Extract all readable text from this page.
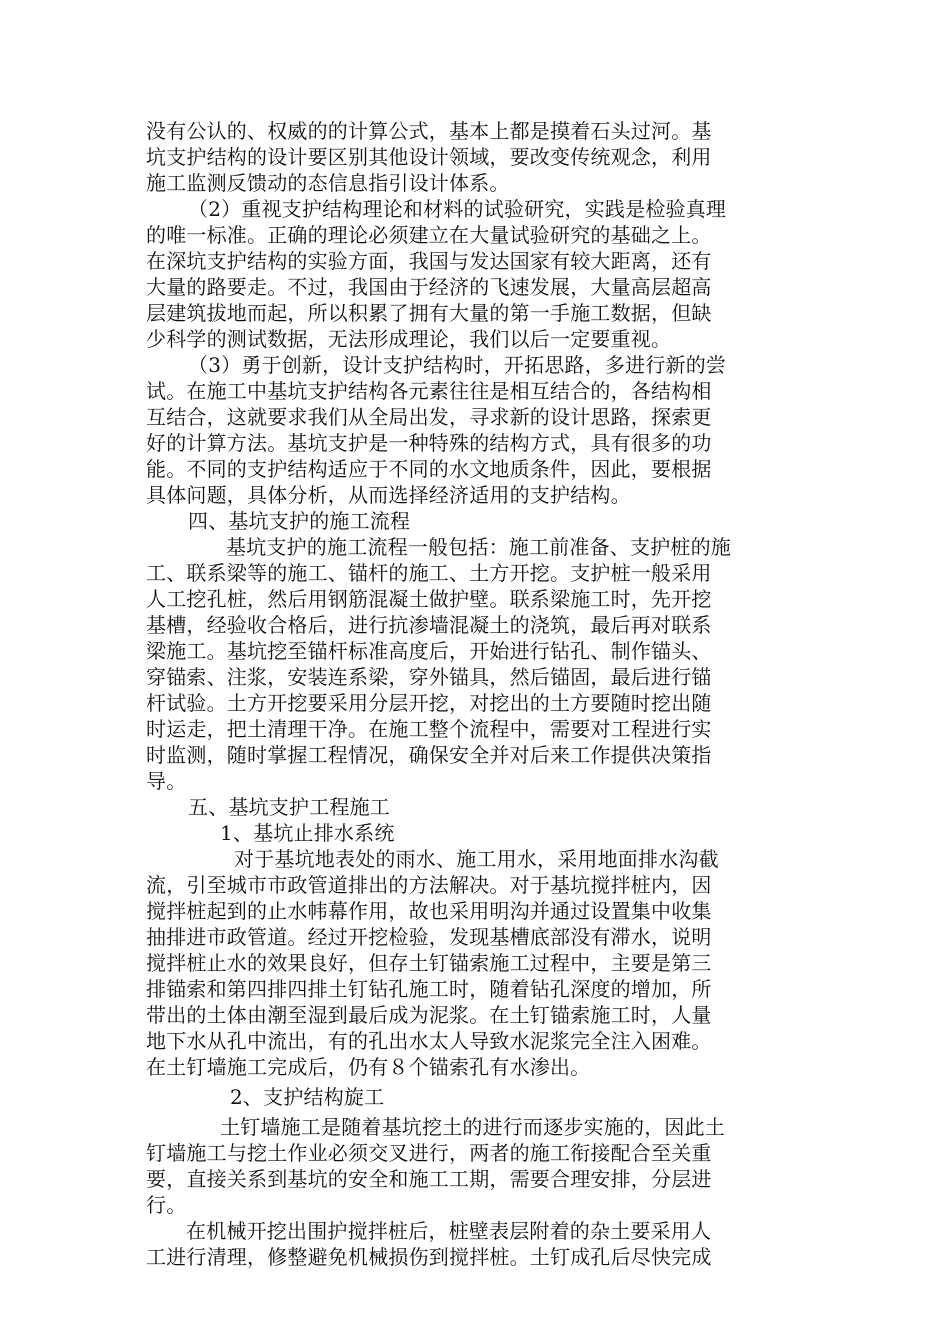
没有公认的、权威的的计算公式，基本上都是摸着石头过河。基
坑支护结构的设计要区别其他设计领域，要改变传统观念，利用
施工监测反馈动的态信息指引设计体系。
（2）重视支护结构理论和材料的试验研究，实践是检验真理
的唯一标准。正确的理论必须建立在大量试验研究的基础之上。
在深坑支护结构的实验方面，我国与发达国家有较大距离，还有
大量的路要走。不过，我国由于经济的飞速发展，大量高层超高
层建筑拔地而起，所以积累了拥有大量的第一手施工数据，但缺
少科学的测试数据，无法形成理论，我们以后一定要重视。
（3）勇于创新，设计支护结构时，开拓思路，多进行新的尝
试。在施工中基坑支护结构各元素往往是相互结合的，各结构相
互结合，这就要求我们从全局出发，寻求新的设计思路，探索更
好的计算方法。基坑支护是一种特殊的结构方式，具有很多的功
能。不同的支护结构适应于不同的水文地质条件，因此，要根据
具体问题，具体分析，从而选择经济适用的支护结构。
四、基坑支护的施工流程
基坑支护的施工流程一般包括：施工前准备、支护桩的施
工、联系梁等的施工、锚杆的施工、土方开挖。支护桩一般采用
人工挖孔桩，然后用钢筋混凝土做护壁。联系梁施工时，先开挖
基槽，经验收合格后，进行抗渗墙混凝土的浇筑，最后再对联系
梁施工。基坑挖至锚杆标准高度后，开始进行钻孔、制作锚头、
穿锚索、注浆，安装连系梁，穿外锚具，然后锚固，最后进行锚
杆试验。土方开挖要采用分层开挖，对挖出的土方要随时挖出随
时运走，把土清理干净。在施工整个流程中，需要对工程进行实
时监测，随时掌握工程情况，确保安全并对后来工作提供决策指
导。
五、基坑支护工程施工
1、基坑止排水系统
对于基坑地表处的雨水、施工用水，采用地面排水沟截
流，引至城市市政管道排出的方法解决。对于基坑搅拌桩内，因
搅拌桩起到的止水帏幕作用，故也采用明沟并通过设置集中收集
抽排进市政管道。经过开挖检验，发现基槽底部没有滞水，说明
搅拌桩止水的效果良好，但存土钉锚索施工过程中，主要是第三
排锚索和第四排四排土钉钻孔施工时，随着钻孔深度的增加，所
带出的土体由潮至湿到最后成为泥浆。在土钉锚索施工时，人量
地下水从孔中流出，有的孔出水太人导致水泥浆完全注入困难。
在土钉墙施工完成后，仍有８个锚索孔有水渗出。
2、支护结构旋工
土钉墙施工是随着基坑挖土的进行而逐步实施的，因此土
钉墙施工与挖土作业必须交叉进行，两者的施工衔接配合至关重
要，直接关系到基坑的安全和施工工期，需要合理安排，分层进
行。
在机械开挖出围护搅拌桩后，桩壁表层附着的杂土要采用人
工进行清理，修整避免机械损伤到搅拌桩。土钉成孔后尽快完成
